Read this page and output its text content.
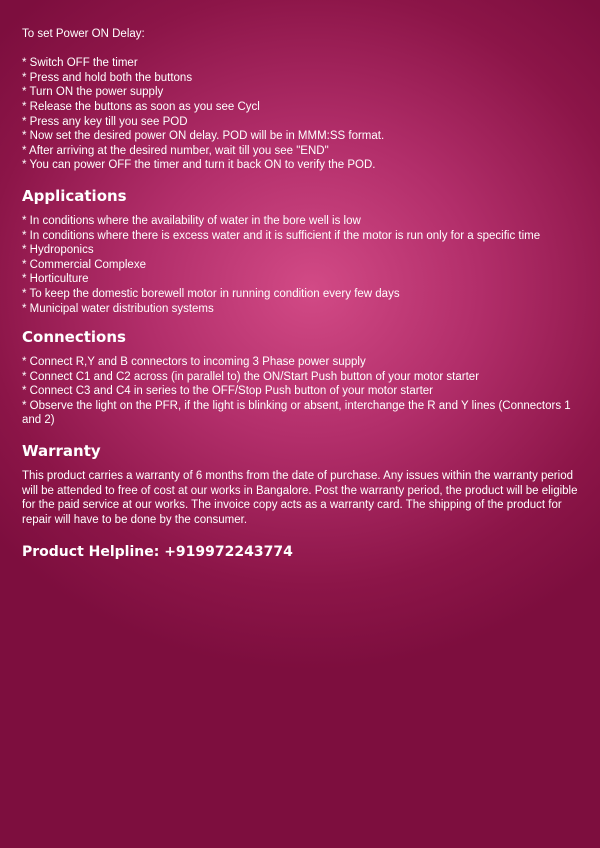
To set Power ON Delay:

* Switch OFF the timer

* Press and hold both the buttons

* Turn ON the power supply

* Release the buttons as soon as you see Cycl

* Press any key till you see POD

* Now set the desired power ON delay. POD will be in MMM:SS format.

* After arriving at the desired number, wait till you see "END"

* You can power OFF the timer and turn it back ON to verify the POD.

Applications

* In conditions where the availability of water in the bore well is low

* In conditions where there is excess water and it is sufficient if the motor is run only for a specific time

* Hydroponics

* Commercial Complexe

* Horticulture

* To keep the domestic borewell motor in running condition every few days

* Municipal water distribution systems

Connections

* Connect R,Y and B connectors to incoming 3 Phase power supply

* Connect C1 and C2 across (in parallel to) the ON/Start Push button of your motor starter

* Connect C3 and C4 in series to the OFF/Stop Push button of your motor starter

* Observe the light on the PFR, if the light is blinking or absent, interchange the R and Y lines (Connectors 1 and 2)

Warranty

This product carries a warranty of 6 months from the date of purchase. Any issues within the warranty period will be attended to free of cost at our works in Bangalore. Post the warranty period, the product will be eligible for the paid service at our works. The invoice copy acts as a warranty card. The shipping of the product for repair will have to be done by the consumer.

Product Helpline: +919972243774
